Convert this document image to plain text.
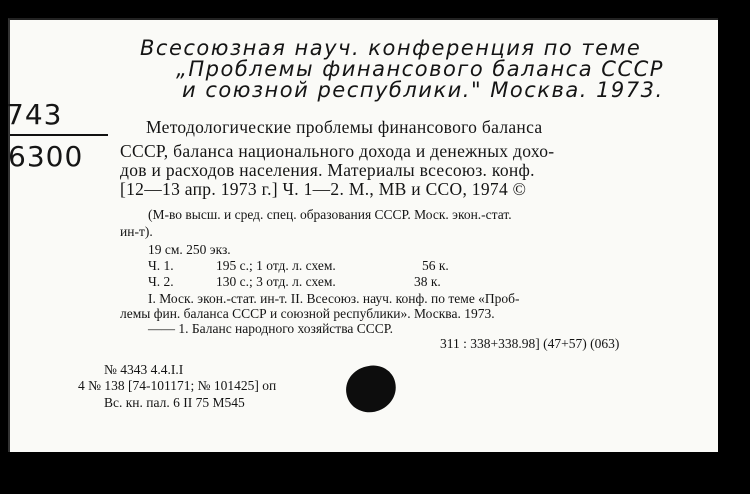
Всесоюзная науч. конференция по теме
„Проблемы финансового баланса СССР
и союзной республики." Москва. 1973.
743
6300
Методологические проблемы финансового баланса
СССР, баланса национального дохода и денежных дохо-
дов и расходов населения. Материалы всесоюз. конф.
[12—13 апр. 1973 г.] Ч. 1—2. М., МВ и ССО, 1974 ©
(М-во высш. и сред. спец. образования СССР. Моск. экон.-стат.
ин-т).
19 см. 250 экз.
Ч. 1.	195 с.; 1 отд. л. схем.	56 к.
Ч. 2.	130 с.; 3 отд. л. схем.	38 к.
I. Моск. экон.-стат. ин-т. II. Всесоюз. науч. конф. по теме «Проб-
лемы фин. баланса СССР и союзной республики». Москва. 1973.
—— 1. Баланс народного хозяйства СССР.
311 : 338+338.98] (47+57) (063)
№ 4343 4.4.I.I
4 № 138 [74-101171; № 101425] оп
Вс. кн. пал. 6 II 75 М545
